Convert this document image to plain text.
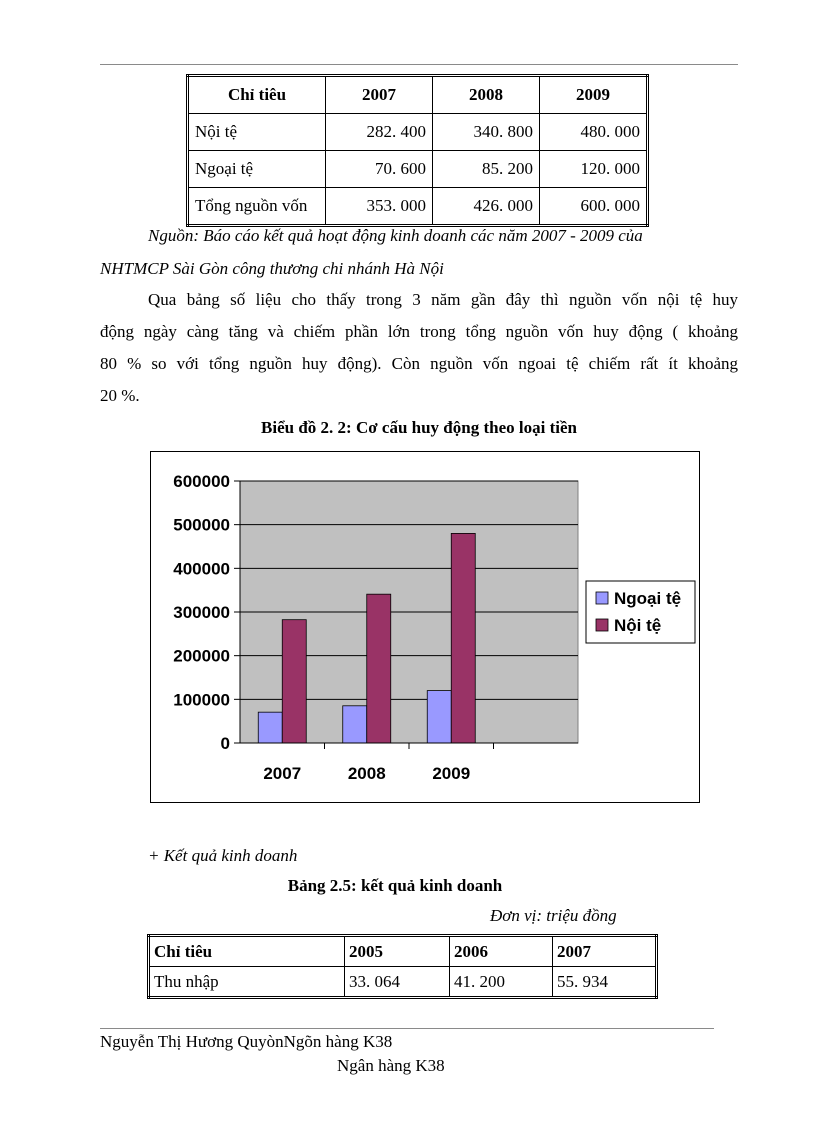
Chỉ tiêu	2007	2008	2009
Nội tệ	282. 400	340. 800	480. 000
Ngoại tệ	70. 600	85. 200	120. 000
Tổng nguồn vốn	353. 000	426. 000	600. 000
Nguồn: Báo cáo kết quả hoạt động kinh doanh các năm 2007 - 2009 của
NHTMCP Sài Gòn công thương chi nhánh Hà Nội
Qua bảng số liệu cho thấy trong 3 năm gần đây thì nguồn vốn nội tệ huy
động ngày càng tăng và chiếm phần lớn trong tổng nguồn vốn huy động ( khoảng
80 % so với tổng nguồn huy động). Còn nguồn vốn ngoai tệ chiếm rất ít khoảng
20 %.
Biểu đồ 2. 2: Cơ cấu huy động theo loại tiền
0
100000
200000
300000
400000
500000
600000
2007	2008	2009
Ngoại tệ
Nội tệ
+ Kết quả kinh doanh
Bảng 2.5: kết quả kinh doanh
Đơn vị: triệu đồng
Chỉ tiêu	2005	2006	2007
Thu nhập	33. 064	41. 200	55. 934
Nguyễn Thị Hương QuyònNgõn hàng K38
Ngân hàng K38
